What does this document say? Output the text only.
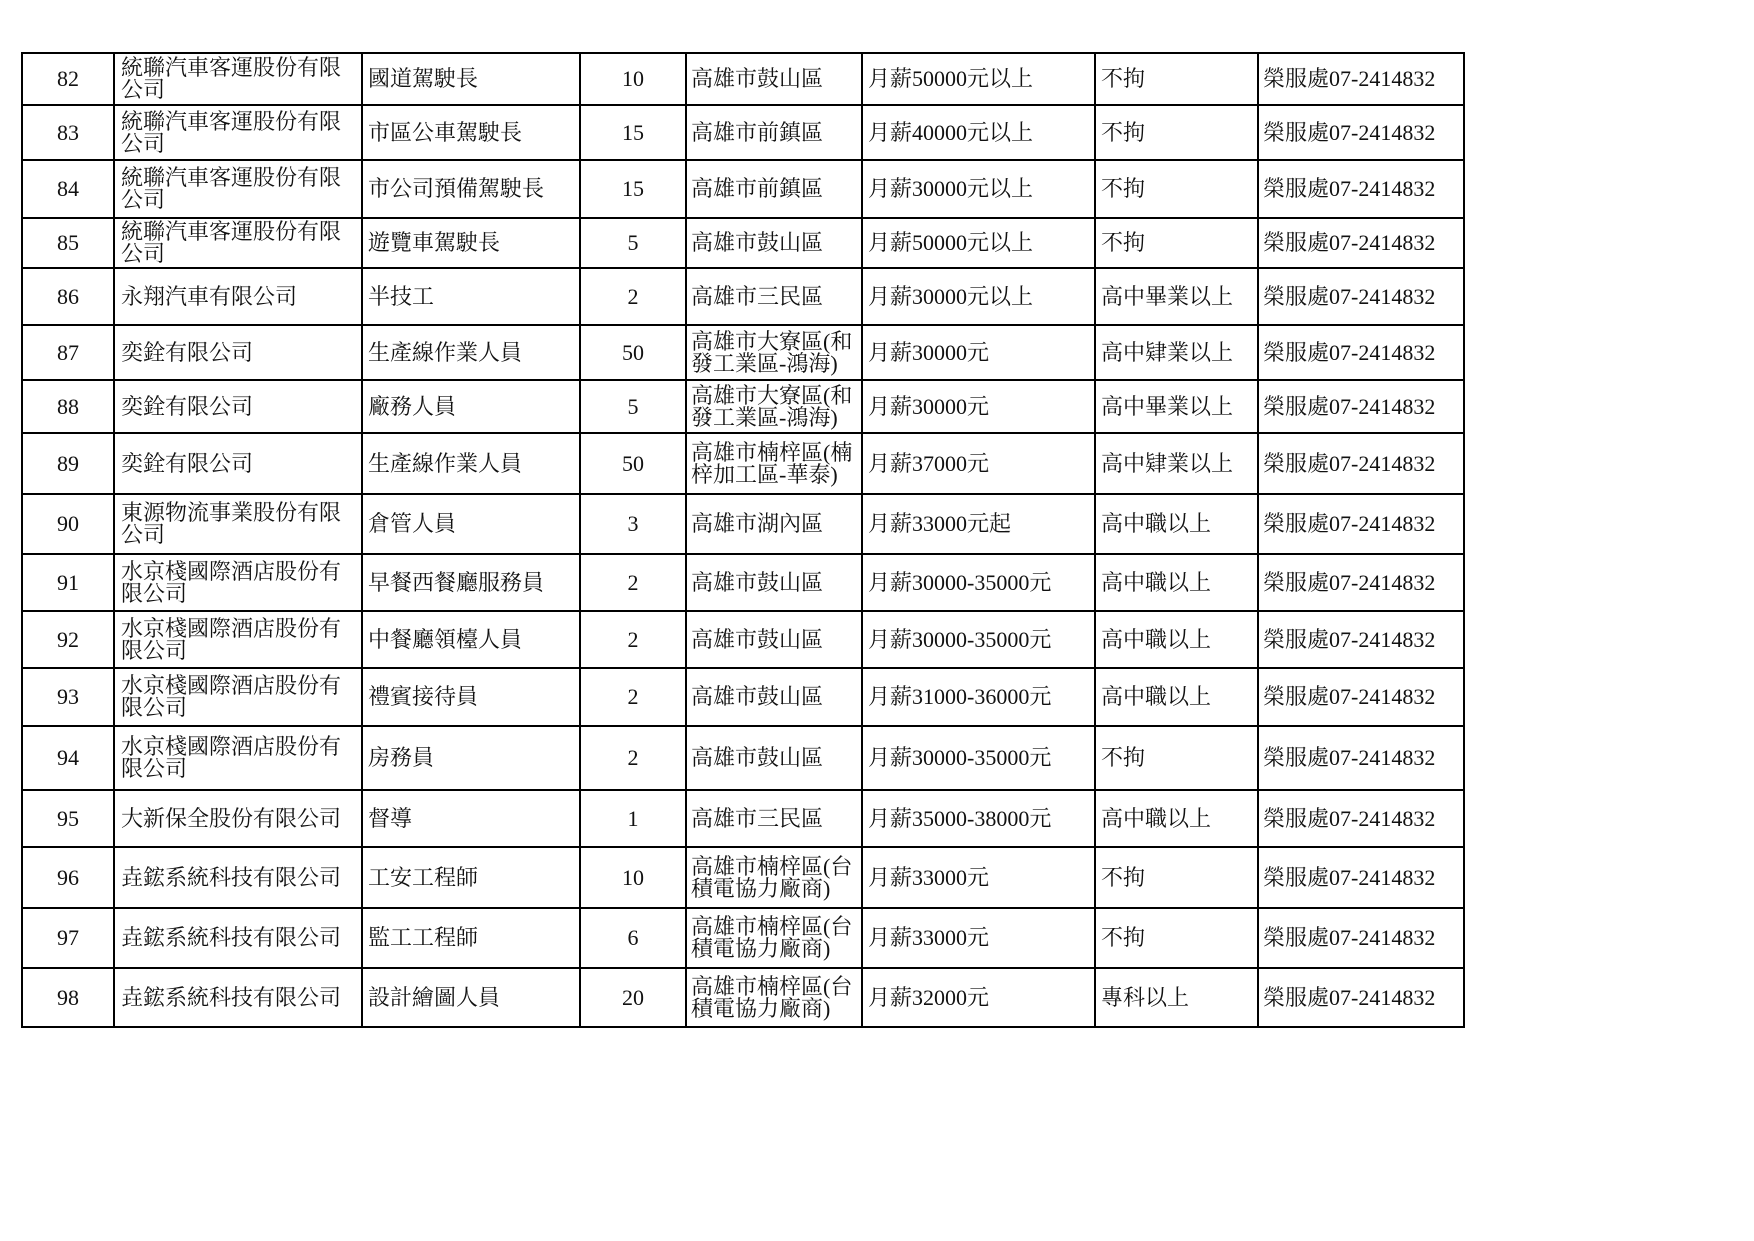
82	統聯汽車客運股份有限公司	國道駕駛長	10	高雄市鼓山區	月薪50000元以上	不拘	榮服處07-2414832
83	統聯汽車客運股份有限公司	市區公車駕駛長	15	高雄市前鎮區	月薪40000元以上	不拘	榮服處07-2414832
84	統聯汽車客運股份有限公司	市公司預備駕駛長	15	高雄市前鎮區	月薪30000元以上	不拘	榮服處07-2414832
85	統聯汽車客運股份有限公司	遊覽車駕駛長	5	高雄市鼓山區	月薪50000元以上	不拘	榮服處07-2414832
86	永翔汽車有限公司	半技工	2	高雄市三民區	月薪30000元以上	高中畢業以上	榮服處07-2414832
87	奕銓有限公司	生產線作業人員	50	高雄市大寮區(和發工業區-鴻海)	月薪30000元	高中肄業以上	榮服處07-2414832
88	奕銓有限公司	廠務人員	5	高雄市大寮區(和發工業區-鴻海)	月薪30000元	高中畢業以上	榮服處07-2414832
89	奕銓有限公司	生產線作業人員	50	高雄市楠梓區(楠梓加工區-華泰)	月薪37000元	高中肄業以上	榮服處07-2414832
90	東源物流事業股份有限公司	倉管人員	3	高雄市湖內區	月薪33000元起	高中職以上	榮服處07-2414832
91	水京棧國際酒店股份有限公司	早餐西餐廳服務員	2	高雄市鼓山區	月薪30000-35000元	高中職以上	榮服處07-2414832
92	水京棧國際酒店股份有限公司	中餐廳領檯人員	2	高雄市鼓山區	月薪30000-35000元	高中職以上	榮服處07-2414832
93	水京棧國際酒店股份有限公司	禮賓接待員	2	高雄市鼓山區	月薪31000-36000元	高中職以上	榮服處07-2414832
94	水京棧國際酒店股份有限公司	房務員	2	高雄市鼓山區	月薪30000-35000元	不拘	榮服處07-2414832
95	大新保全股份有限公司	督導	1	高雄市三民區	月薪35000-38000元	高中職以上	榮服處07-2414832
96	垚鋐系統科技有限公司	工安工程師	10	高雄市楠梓區(台積電協力廠商)	月薪33000元	不拘	榮服處07-2414832
97	垚鋐系統科技有限公司	監工工程師	6	高雄市楠梓區(台積電協力廠商)	月薪33000元	不拘	榮服處07-2414832
98	垚鋐系統科技有限公司	設計繪圖人員	20	高雄市楠梓區(台積電協力廠商)	月薪32000元	專科以上	榮服處07-2414832
